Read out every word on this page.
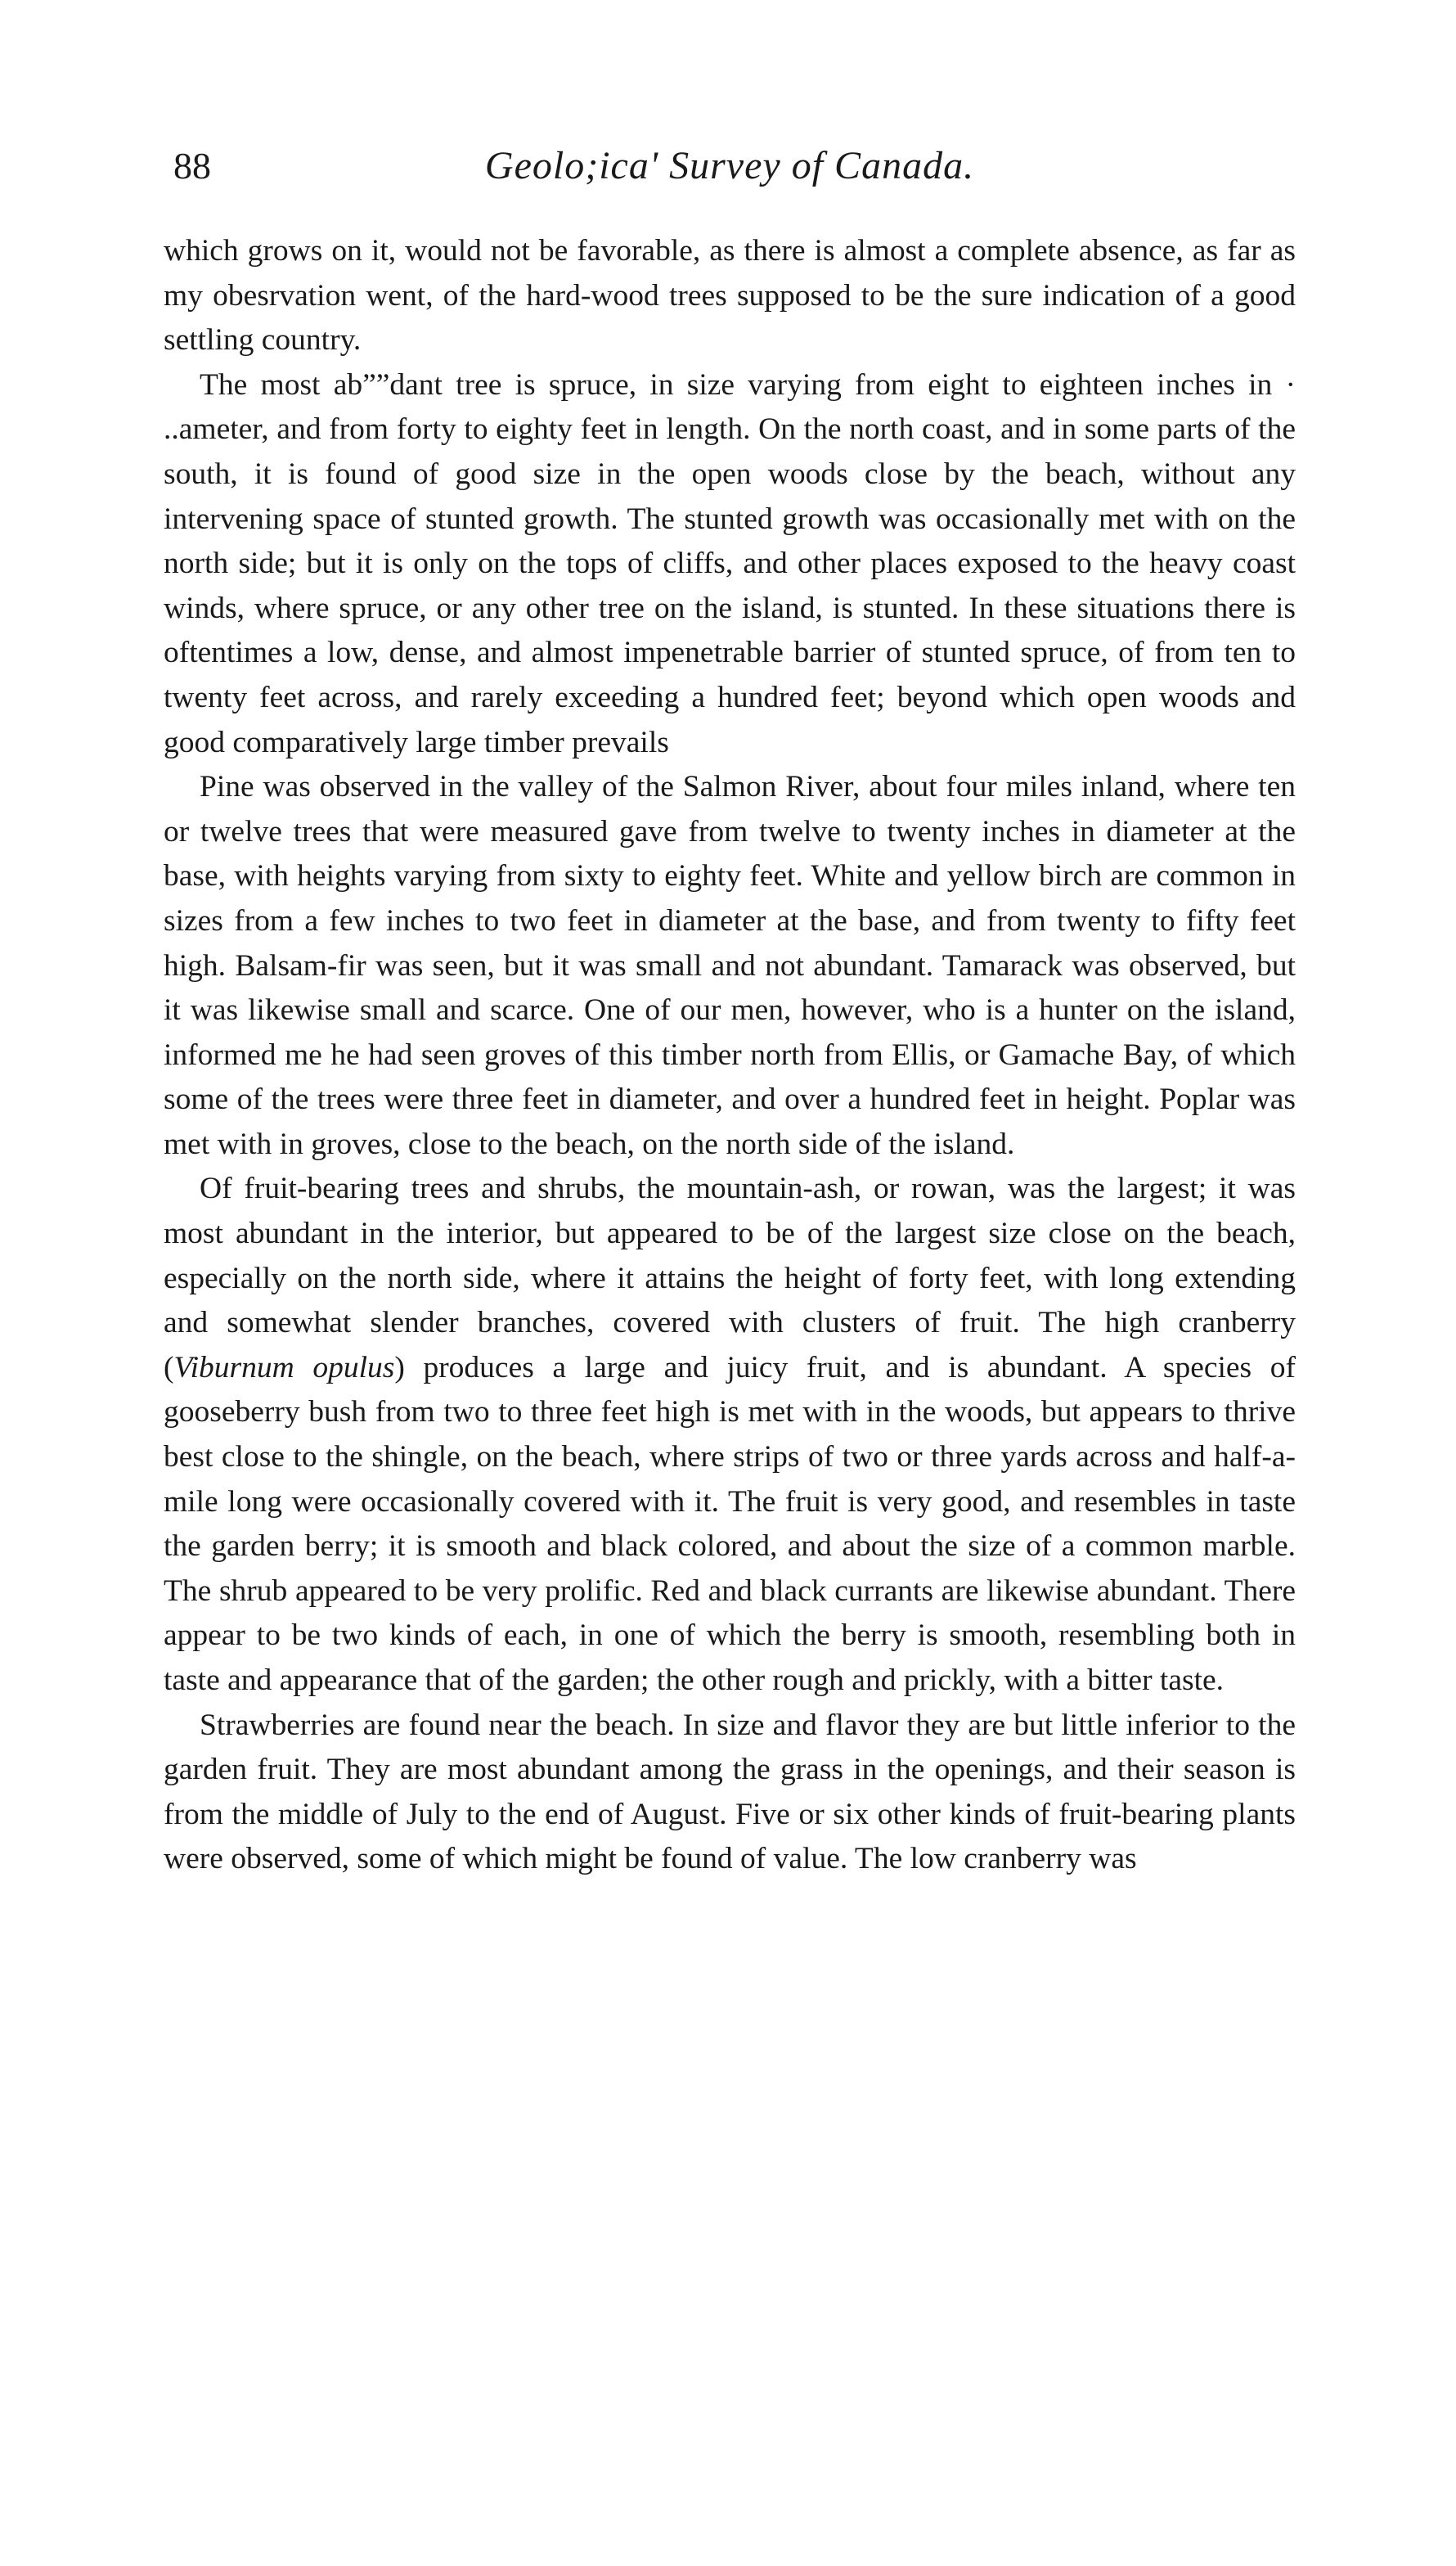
88	Geolo;ica' Survey of Canada.

which grows on it, would not be favorable, as there is almost a complete absence, as far as my obesrvation went, of the hard-wood trees supposed to be the sure indication of a good settling country.

The most ab””dant tree is spruce, in size varying from eight to eighteen inches in · ..ameter, and from forty to eighty feet in length. On the north coast, and in some parts of the south, it is found of good size in the open woods close by the beach, without any intervening space of stunted growth. The stunted growth was occasionally met with on the north side; but it is only on the tops of cliffs, and other places exposed to the heavy coast winds, where spruce, or any other tree on the island, is stunted. In these situations there is oftentimes a low, dense, and almost impenetrable barrier of stunted spruce, of from ten to twenty feet across, and rarely exceeding a hundred feet; beyond which open woods and good comparatively large timber prevails

Pine was observed in the valley of the Salmon River, about four miles inland, where ten or twelve trees that were measured gave from twelve to twenty inches in diameter at the base, with heights varying from sixty to eighty feet. White and yellow birch are common in sizes from a few inches to two feet in diameter at the base, and from twenty to fifty feet high. Balsam-fir was seen, but it was small and not abundant. Tamarack was observed, but it was likewise small and scarce. One of our men, however, who is a hunter on the island, informed me he had seen groves of this timber north from Ellis, or Gamache Bay, of which some of the trees were three feet in diameter, and over a hundred feet in height. Poplar was met with in groves, close to the beach, on the north side of the island.

Of fruit-bearing trees and shrubs, the mountain-ash, or rowan, was the largest; it was most abundant in the interior, but appeared to be of the largest size close on the beach, especially on the north side, where it attains the height of forty feet, with long extending and somewhat slender branches, covered with clusters of fruit. The high cranberry (Viburnum opulus) produces a large and juicy fruit, and is abundant. A species of gooseberry bush from two to three feet high is met with in the woods, but appears to thrive best close to the shingle, on the beach, where strips of two or three yards across and half-a-mile long were occasionally covered with it. The fruit is very good, and resembles in taste the garden berry; it is smooth and black colored, and about the size of a common marble. The shrub appeared to be very prolific. Red and black currants are likewise abundant. There appear to be two kinds of each, in one of which the berry is smooth, resembling both in taste and appearance that of the garden; the other rough and prickly, with a bitter taste.

Strawberries are found near the beach. In size and flavor they are but little inferior to the garden fruit. They are most abundant among the grass in the openings, and their season is from the middle of July to the end of August. Five or six other kinds of fruit-bearing plants were observed, some of which might be found of value. The low cranberry was
